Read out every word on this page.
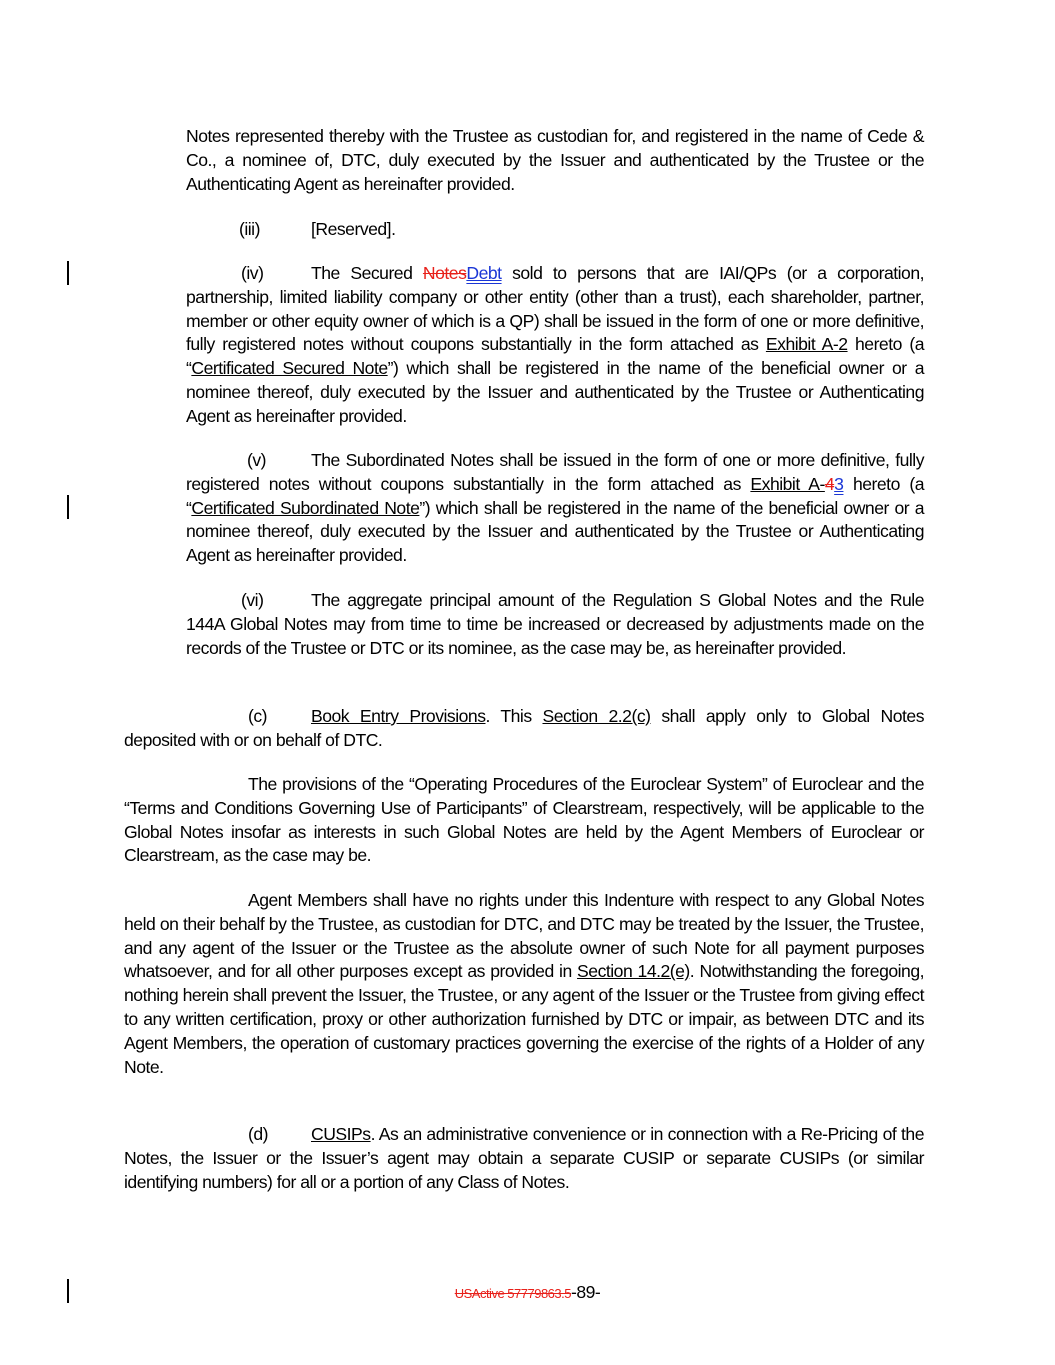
Notes represented thereby with the Trustee as custodian for, and registered in the name of Cede & Co., a nominee of, DTC, duly executed by the Issuer and authenticated by the Trustee or the Authenticating Agent as hereinafter provided.

(iii)	[Reserved].

(iv)	The Secured NotesDebt sold to persons that are IAI/QPs (or a corporation, partnership, limited liability company or other entity (other than a trust), each shareholder, partner, member or other equity owner of which is a QP) shall be issued in the form of one or more definitive, fully registered notes without coupons substantially in the form attached as Exhibit A-2 hereto (a “Certificated Secured Note”) which shall be registered in the name of the beneficial owner or a nominee thereof, duly executed by the Issuer and authenticated by the Trustee or Authenticating Agent as hereinafter provided.

(v)	The Subordinated Notes shall be issued in the form of one or more definitive, fully registered notes without coupons substantially in the form attached as Exhibit A-43 hereto (a “Certificated Subordinated Note”) which shall be registered in the name of the beneficial owner or a nominee thereof, duly executed by the Issuer and authenticated by the Trustee or Authenticating Agent as hereinafter provided.

(vi)	The aggregate principal amount of the Regulation S Global Notes and the Rule 144A Global Notes may from time to time be increased or decreased by adjustments made on the records of the Trustee or DTC or its nominee, as the case may be, as hereinafter provided.

(c) Book Entry Provisions. This Section 2.2(c) shall apply only to Global Notes deposited with or on behalf of DTC.

The provisions of the “Operating Procedures of the Euroclear System” of Euroclear and the “Terms and Conditions Governing Use of Participants” of Clearstream, respectively, will be applicable to the Global Notes insofar as interests in such Global Notes are held by the Agent Members of Euroclear or Clearstream, as the case may be.

Agent Members shall have no rights under this Indenture with respect to any Global Notes held on their behalf by the Trustee, as custodian for DTC, and DTC may be treated by the Issuer, the Trustee, and any agent of the Issuer or the Trustee as the absolute owner of such Note for all payment purposes whatsoever, and for all other purposes except as provided in Section 14.2(e). Notwithstanding the foregoing, nothing herein shall prevent the Issuer, the Trustee, or any agent of the Issuer or the Trustee from giving effect to any written certification, proxy or other authorization furnished by DTC or impair, as between DTC and its Agent Members, the operation of customary practices governing the exercise of the rights of a Holder of any Note.

(d) CUSIPs. As an administrative convenience or in connection with a Re-Pricing of the Notes, the Issuer or the Issuer’s agent may obtain a separate CUSIP or separate CUSIPs (or similar identifying numbers) for all or a portion of any Class of Notes.

USActive 57779863.5-89-
